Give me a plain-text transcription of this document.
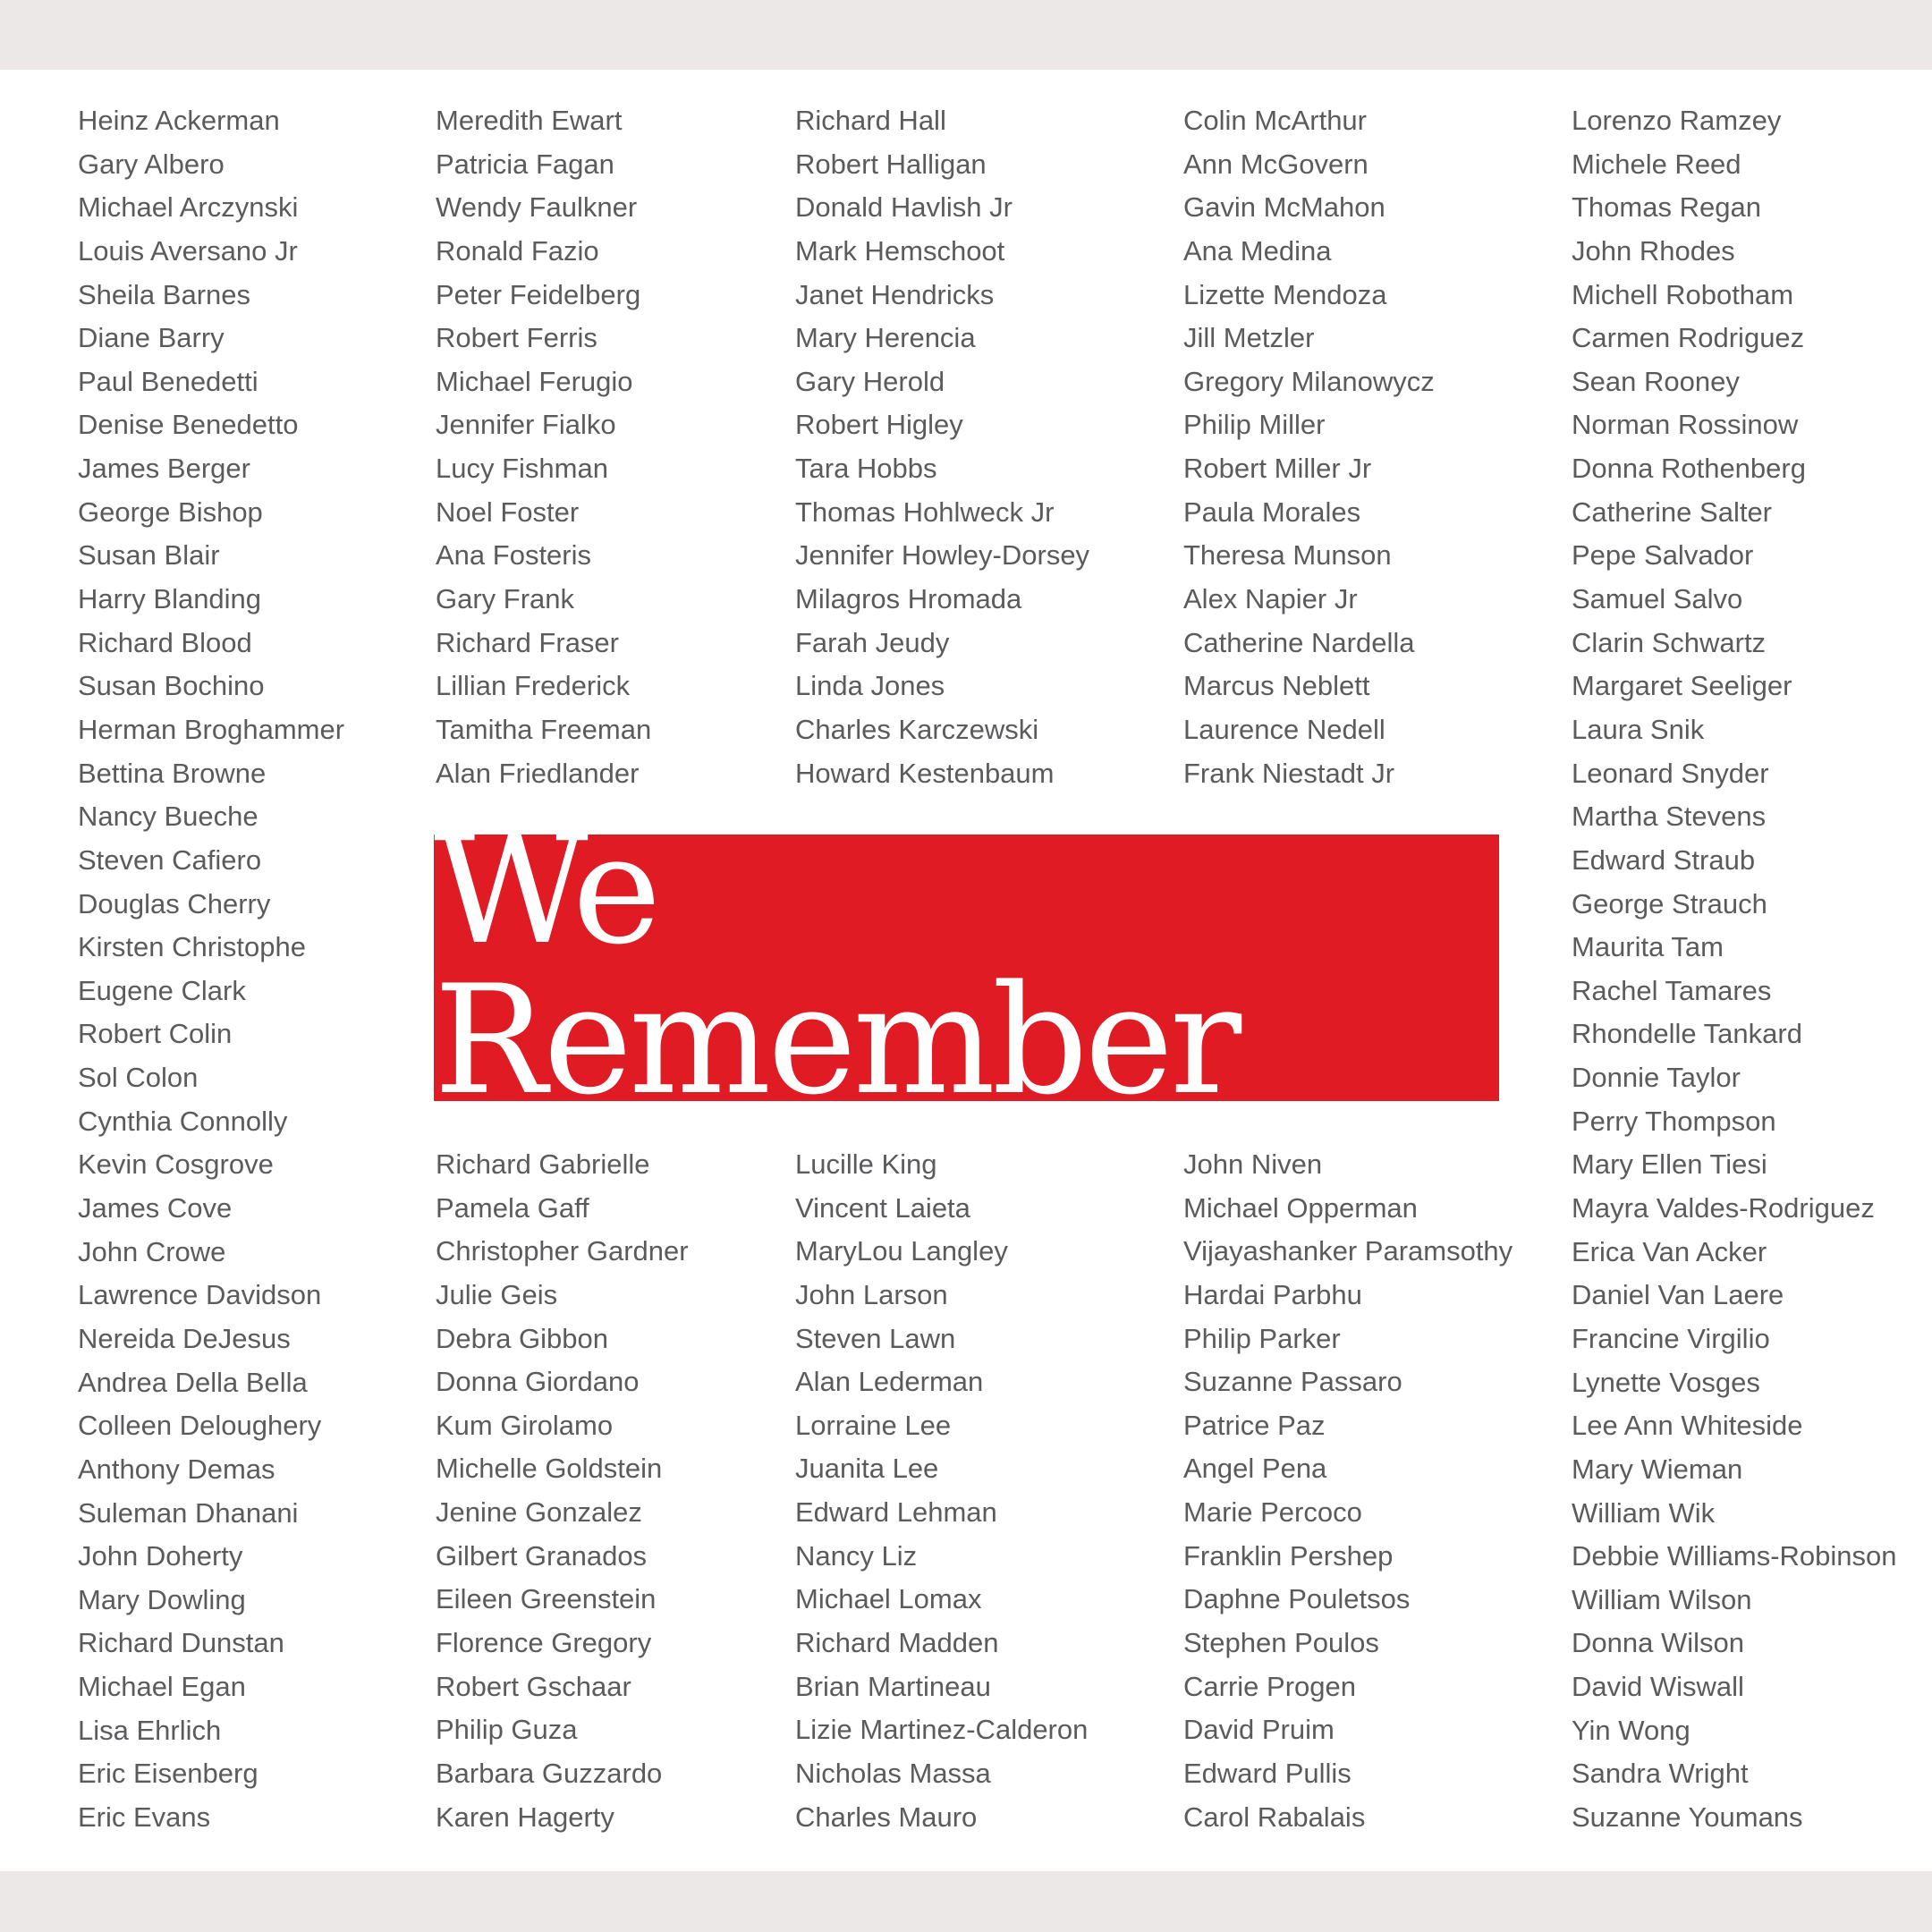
Heinz Ackerman
Gary Albero
Michael Arczynski
Louis Aversano Jr
Sheila Barnes
Diane Barry
Paul Benedetti
Denise Benedetto
James Berger
George Bishop
Susan Blair
Harry Blanding
Richard Blood
Susan Bochino
Herman Broghammer
Bettina Browne
Nancy Bueche
Steven Cafiero
Douglas Cherry
Kirsten Christophe
Eugene Clark
Robert Colin
Sol Colon
Cynthia Connolly
Kevin Cosgrove
James Cove
John Crowe
Lawrence Davidson
Nereida DeJesus
Andrea Della Bella
Colleen Deloughery
Anthony Demas
Suleman Dhanani
John Doherty
Mary Dowling
Richard Dunstan
Michael Egan
Lisa Ehrlich
Eric Eisenberg
Eric Evans
Meredith Ewart
Patricia Fagan
Wendy Faulkner
Ronald Fazio
Peter Feidelberg
Robert Ferris
Michael Ferugio
Jennifer Fialko
Lucy Fishman
Noel Foster
Ana Fosteris
Gary Frank
Richard Fraser
Lillian Frederick
Tamitha Freeman
Alan Friedlander
Richard Hall
Robert Halligan
Donald Havlish Jr
Mark Hemschoot
Janet Hendricks
Mary Herencia
Gary Herold
Robert Higley
Tara Hobbs
Thomas Hohlweck Jr
Jennifer Howley-Dorsey
Milagros Hromada
Farah Jeudy
Linda Jones
Charles Karczewski
Howard Kestenbaum
Colin McArthur
Ann McGovern
Gavin McMahon
Ana Medina
Lizette Mendoza
Jill Metzler
Gregory Milanowycz
Philip Miller
Robert Miller Jr
Paula Morales
Theresa Munson
Alex Napier Jr
Catherine Nardella
Marcus Neblett
Laurence Nedell
Frank Niestadt Jr
Lorenzo Ramzey
Michele Reed
Thomas Regan
John Rhodes
Michell Robotham
Carmen Rodriguez
Sean Rooney
Norman Rossinow
Donna Rothenberg
Catherine Salter
Pepe Salvador
Samuel Salvo
Clarin Schwartz
Margaret Seeliger
Laura Snik
Leonard Snyder
Martha Stevens
Edward Straub
George Strauch
Maurita Tam
Rachel Tamares
Rhondelle Tankard
Donnie Taylor
Perry Thompson
Mary Ellen Tiesi
Mayra Valdes-Rodriguez
Erica Van Acker
Daniel Van Laere
Francine Virgilio
Lynette Vosges
Lee Ann Whiteside
Mary Wieman
William Wik
Debbie Williams-Robinson
William Wilson
Donna Wilson
David Wiswall
Yin Wong
Sandra Wright
Suzanne Youmans
We Remember
Richard Gabrielle
Pamela Gaff
Christopher Gardner
Julie Geis
Debra Gibbon
Donna Giordano
Kum Girolamo
Michelle Goldstein
Jenine Gonzalez
Gilbert Granados
Eileen Greenstein
Florence Gregory
Robert Gschaar
Philip Guza
Barbara Guzzardo
Karen Hagerty
Lucille King
Vincent Laieta
MaryLou Langley
John Larson
Steven Lawn
Alan Lederman
Lorraine Lee
Juanita Lee
Edward Lehman
Nancy Liz
Michael Lomax
Richard Madden
Brian Martineau
Lizie Martinez-Calderon
Nicholas Massa
Charles Mauro
John Niven
Michael Opperman
Vijayashanker Paramsothy
Hardai Parbhu
Philip Parker
Suzanne Passaro
Patrice Paz
Angel Pena
Marie Percoco
Franklin Pershep
Daphne Pouletsos
Stephen Poulos
Carrie Progen
David Pruim
Edward Pullis
Carol Rabalais
